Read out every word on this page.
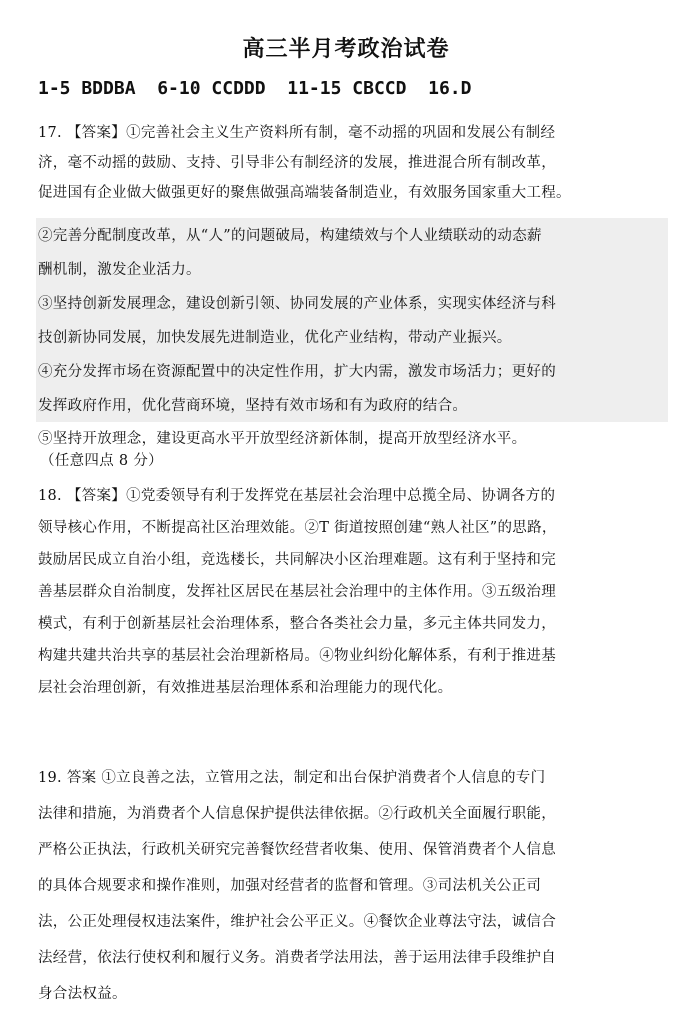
高三半月考政治试卷
1-5 BDDBA  6-10 CCDDD  11-15 CBCCD  16.D
17. 【答案】①完善社会主义生产资料所有制，毫不动摇的巩固和发展公有制经
济，毫不动摇的鼓励、支持、引导非公有制经济的发展，推进混合所有制改革，
促进国有企业做大做强更好的聚焦做强高端装备制造业，有效服务国家重大工程。
②完善分配制度改革，从“人”的问题破局，构建绩效与个人业绩联动的动态薪
酬机制，激发企业活力。
③坚持创新发展理念，建设创新引领、协同发展的产业体系，实现实体经济与科
技创新协同发展，加快发展先进制造业，优化产业结构，带动产业振兴。
④充分发挥市场在资源配置中的决定性作用，扩大内需，激发市场活力；更好的
发挥政府作用，优化营商环境，坚持有效市场和有为政府的结合。
⑤坚持开放理念，建设更高水平开放型经济新体制，提高开放型经济水平。
（任意四点 8 分）
18. 【答案】①党委领导有利于发挥党在基层社会治理中总揽全局、协调各方的
领导核心作用，不断提高社区治理效能。②T 街道按照创建“熟人社区”的思路，
鼓励居民成立自治小组，竞选楼长，共同解决小区治理难题。这有利于坚持和完
善基层群众自治制度，发挥社区居民在基层社会治理中的主体作用。③五级治理
模式，有利于创新基层社会治理体系，整合各类社会力量，多元主体共同发力，
构建共建共治共享的基层社会治理新格局。④物业纠纷化解体系，有利于推进基
层社会治理创新，有效推进基层治理体系和治理能力的现代化。
19. 答案 ①立良善之法，立管用之法，制定和出台保护消费者个人信息的专门
法律和措施，为消费者个人信息保护提供法律依据。②行政机关全面履行职能，
严格公正执法，行政机关研究完善餐饮经营者收集、使用、保管消费者个人信息
的具体合规要求和操作准则，加强对经营者的监督和管理。③司法机关公正司
法，公正处理侵权违法案件，维护社会公平正义。④餐饮企业尊法守法，诚信合
法经营，依法行使权利和履行义务。消费者学法用法，善于运用法律手段维护自
身合法权益。
